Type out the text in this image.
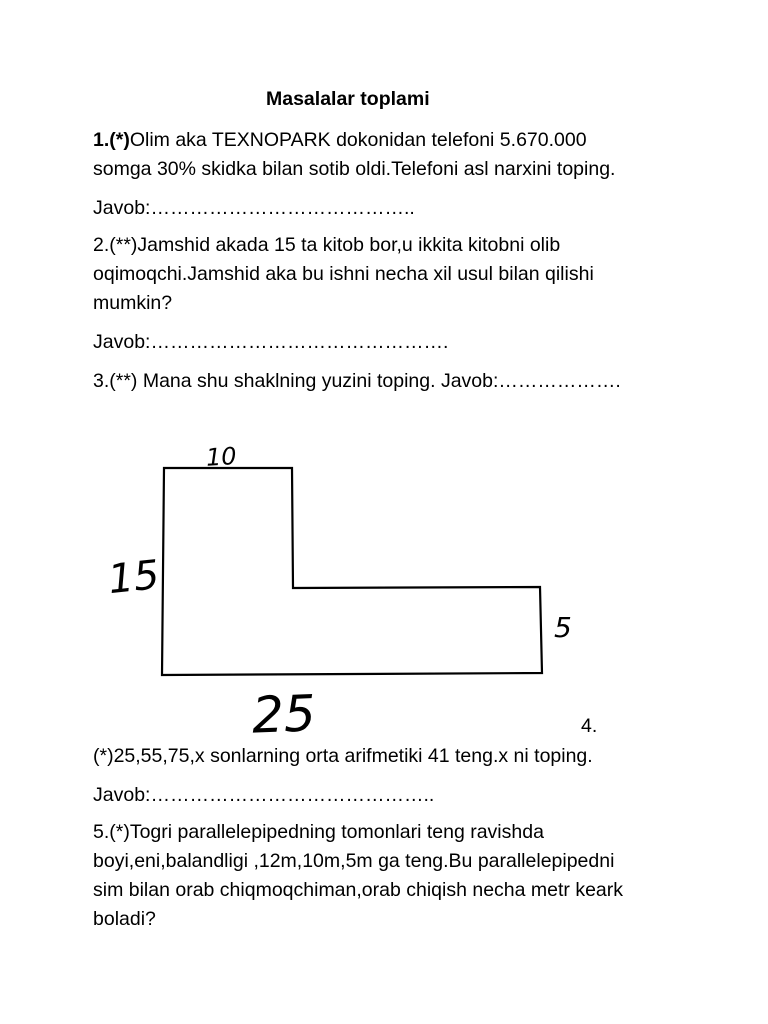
Masalalar toplami
1.(*)Olim aka TEXNOPARK dokonidan telefoni 5.670.000
somga 30% skidka bilan sotib oldi.Telefoni asl narxini toping.
Javob:…………………………………..
2.(**)Jamshid akada 15 ta kitob bor,u ikkita kitobni olib
oqimoqchi.Jamshid aka bu ishni necha xil usul bilan qilishi
mumkin?
Javob:……………………………………….
3.(**) Mana shu shaklning yuzini toping. Javob:……………….
10
15
5
25	4.
(*)25,55,75,x sonlarning orta arifmetiki 41 teng.x ni toping.
Javob:……………………………………..
5.(*)Togri parallelepipedning tomonlari teng ravishda
boyi,eni,balandligi ,12m,10m,5m ga teng.Bu parallelepipedni
sim bilan orab chiqmoqchiman,orab chiqish necha metr keark
boladi?
